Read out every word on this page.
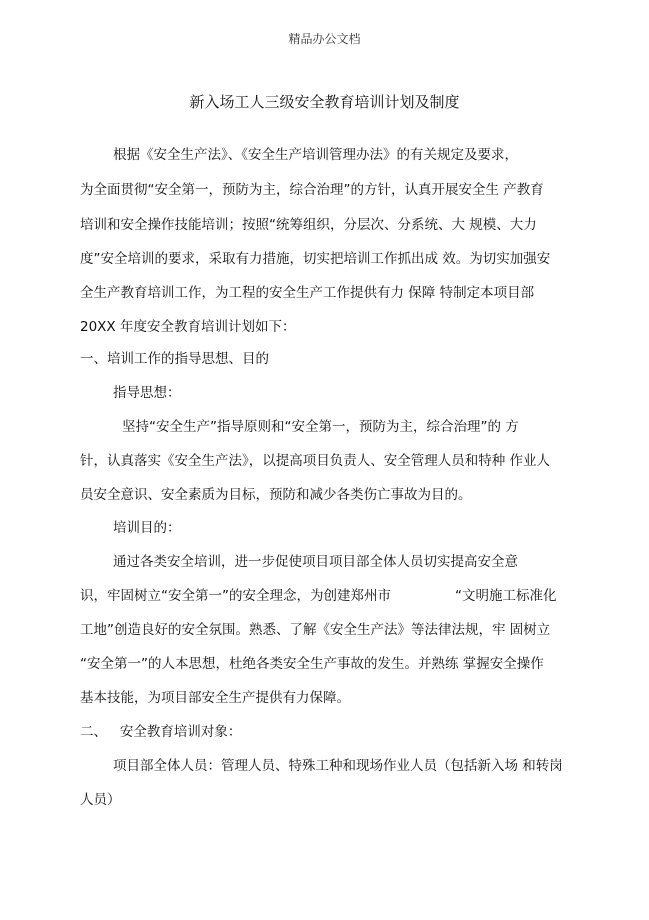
精品办公文档
新入场工人三级安全教育培训计划及制度
根据《安全生产法》、《安全生产培训管理办法》的有关规定及要求，
为全面贯彻“安全第一，预防为主，综合治理”的方针，认真开展安全生 产教育
培训和安全操作技能培训；按照“统筹组织，分层次、分系统、大 规模、大力
度”安全培训的要求，采取有力措施，切实把培训工作抓出成 效。为切实加强安
全生产教育培训工作，为工程的安全生产工作提供有力 保障 特制定本项目部
20XX 年度安全教育培训计划如下：
一、培训工作的指导思想、目的
指导思想：
坚持“安全生产”指导原则和“安全第一，预防为主，综合治理”的 方
针，认真落实《安全生产法》，以提高项目负责人、安全管理人员和特种 作业人
员安全意识、安全素质为目标，预防和减少各类伤亡事故为目的。
培训目的：
通过各类安全培训，进一步促使项目项目部全体人员切实提高安全意
识，牢固树立“安全第一”的安全理念，为创建郑州市	“文明施工标准化
工地”创造良好的安全氛围。熟悉、了解《安全生产法》等法律法规，牢 固树立
“安全第一”的人本思想，杜绝各类安全生产事故的发生。并熟练 掌握安全操作
基本技能，为项目部安全生产提供有力保障。
二、   安全教育培训对象：
项目部全体人员：管理人员、特殊工种和现场作业人员（包括新入场 和转岗
人员）
